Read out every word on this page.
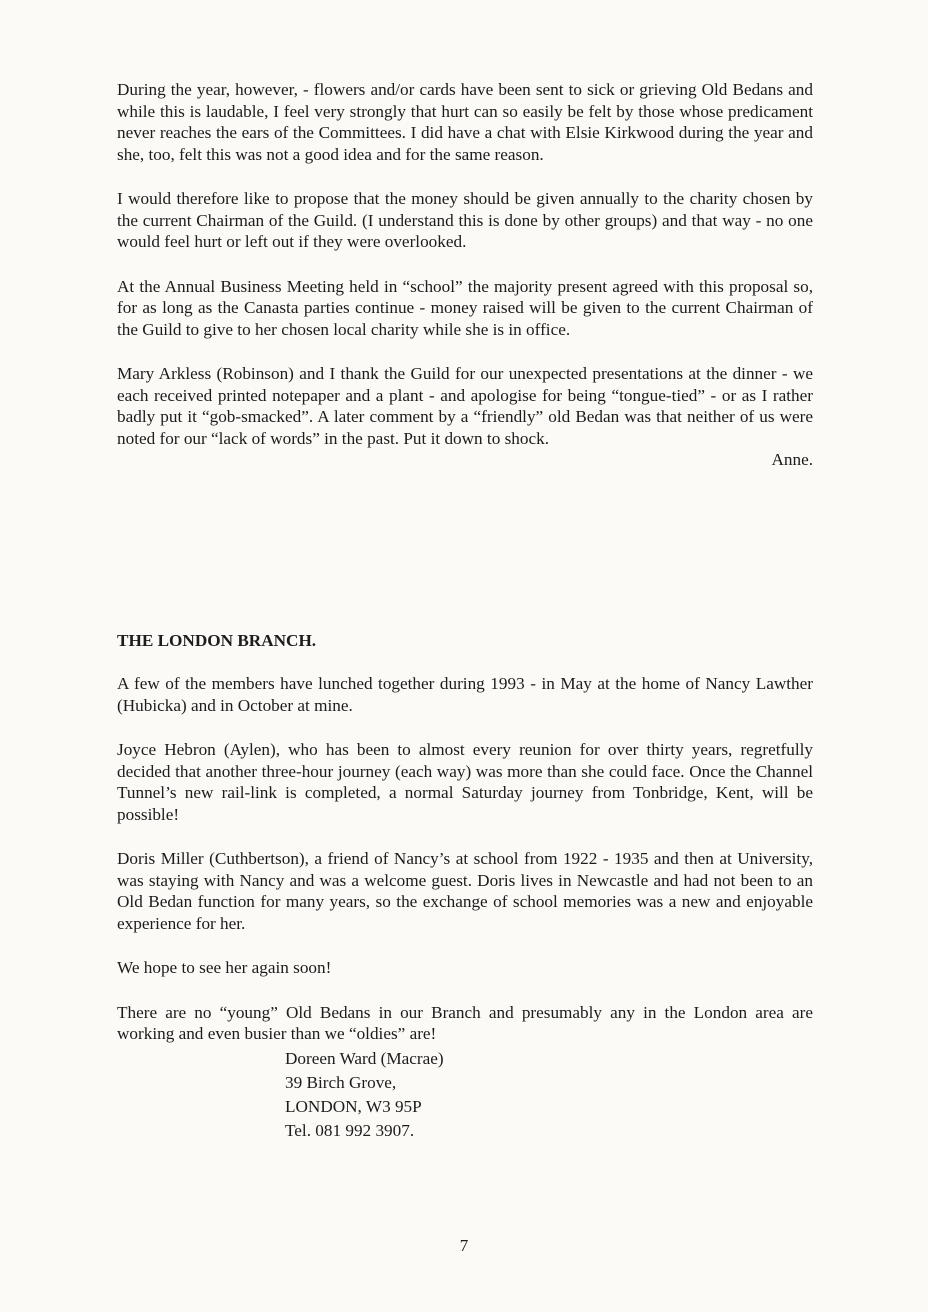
During the year, however, - flowers and/or cards have been sent to sick or grieving Old Bedans and while this is laudable, I feel very strongly that hurt can so easily be felt by those whose predicament never reaches the ears of the Committees. I did have a chat with Elsie Kirkwood during the year and she, too, felt this was not a good idea and for the same reason.

I would therefore like to propose that the money should be given annually to the charity chosen by the current Chairman of the Guild. (I understand this is done by other groups) and that way - no one would feel hurt or left out if they were overlooked.

At the Annual Business Meeting held in “school” the majority present agreed with this proposal so, for as long as the Canasta parties continue - money raised will be given to the current Chairman of the Guild to give to her chosen local charity while she is in office.

Mary Arkless (Robinson) and I thank the Guild for our unexpected presentations at the dinner - we each received printed notepaper and a plant - and apologise for being “tongue-tied” - or as I rather badly put it “gob-smacked”. A later comment by a “friendly” old Bedan was that neither of us were noted for our “lack of words” in the past. Put it down to shock.

Anne.

THE LONDON BRANCH.

A few of the members have lunched together during 1993 - in May at the home of Nancy Lawther (Hubicka) and in October at mine.

Joyce Hebron (Aylen), who has been to almost every reunion for over thirty years, regretfully decided that another three-hour journey (each way) was more than she could face. Once the Channel Tunnel’s new rail-link is completed, a normal Saturday journey from Tonbridge, Kent, will be possible!

Doris Miller (Cuthbertson), a friend of Nancy’s at school from 1922 - 1935 and then at University, was staying with Nancy and was a welcome guest. Doris lives in Newcastle and had not been to an Old Bedan function for many years, so the exchange of school memories was a new and enjoyable experience for her.

We hope to see her again soon!

There are no “young” Old Bedans in our Branch and presumably any in the London area are working and even busier than we “oldies” are!

Doreen Ward (Macrae)
39 Birch Grove,
LONDON, W3 95P
Tel. 081 992 3907.
7
